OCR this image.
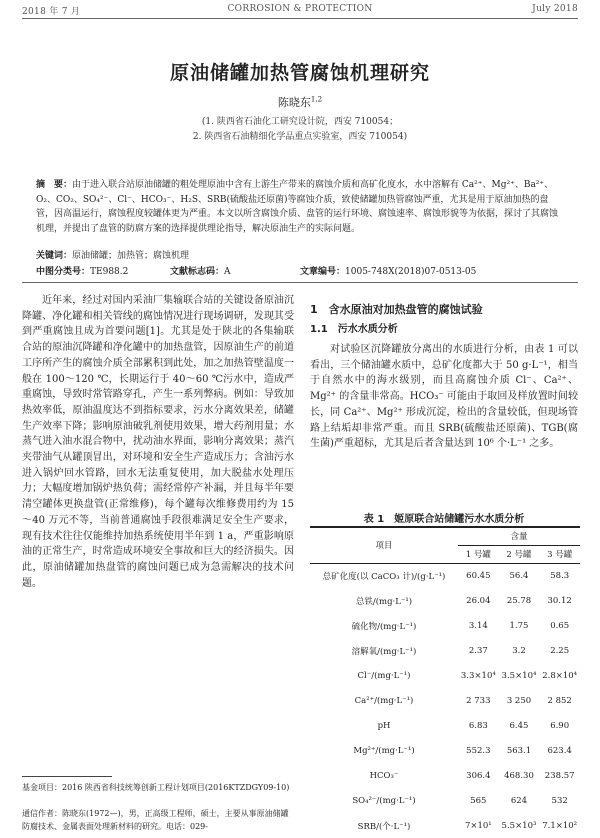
2018 年 7 月	CORROSION & PROTECTION	July 2018
原油储罐加热管腐蚀机理研究
陈晓东$^{1,2}$
(1. 陕西省石油化工研究设计院，西安 710054；
2. 陕西省石油精细化学品重点实验室，西安 710054)
摘　要：由于进入联合站原油储罐的粗处理原油中含有上游生产带来的腐蚀介质和高矿化度水，水中溶解有 Ca²⁺、Mg²⁺、Ba²⁺、O₂、CO₂、SO₄²⁻、Cl⁻、HCO₃⁻、H₂S、SRB(硫酸盐还原菌)等腐蚀介质，致使储罐加热管腐蚀严重，尤其是用于原油加热的盘管，因高温运行，腐蚀程度较罐体更为严重。本文以所含腐蚀介质、盘管的运行环境、腐蚀速率、腐蚀形貌等为依据，探讨了其腐蚀机理，并提出了盘管的防腐方案的选择提供理论指导，解决原油生产的实际问题。
关键词：原油储罐；加热管；腐蚀机理
中图分类号：TE988.2	文献标志码：A	文章编号：1005-748X(2018)07-0513-05
近年来，经过对国内采油厂集输联合站的关键设备原油沉降罐、净化罐和相关管线的腐蚀情况进行现场调研，发现其受到严重腐蚀且成为首要问题[1]。尤其是处于陕北的各集输联合站的原油沉降罐和净化罐中的加热盘管，因原油生产的前道工序所产生的腐蚀介质全部累积到此处，加之加热管壁温度一般在 100～120 ℃，长期运行于 40～60 ℃污水中，造成严重腐蚀，导致时常管路穿孔，产生一系列弊病。例如：导致加热效率低，原油温度达不到指标要求，污水分离效果差，储罐生产效率下降；影响原油破乳剂使用效果，增大药剂用量；水蒸气进入油水混合物中，扰动油水界面，影响分离效果；蒸汽夹带油气从罐顶冒出，对环境和安全生产造成压力；含油污水进入锅炉回水管路，回水无法重复使用，加大脱盐水处理压力；大幅度增加锅炉热负荷；需经常停产补漏，并且每半年要清空罐体更换盘管(正常维修)，每个罐每次维修费用约为 15～40 万元不等，当前普通腐蚀手段很难满足安全生产要求，现有技术往往仅能维持加热系统使用半年到 1 a，严重影响原油的正常生产，时常造成环境安全事故和巨大的经济损失。因此，原油储罐加热盘管的腐蚀问题已成为急需解决的技术问题。
基金项目：2016 陕西省科技统筹创新工程计划项目(2016KTZDGY09-10)
通信作者：陈晓东(1972—)，男，正高级工程师，硕士，主要从事原油储罐防腐技术、金属表面处理新材料的研究。电话：029-
1　含水原油对加热盘管的腐蚀试验
1.1　污水水质分析
对试验区沉降罐放分离出的水质进行分析，由表 1 可以看出，三个储油罐水质中，总矿化度都大于 50 g·L⁻¹，相当于自然水中的海水级别，而且高腐蚀介质 Cl⁻、Ca²⁺、Mg²⁺ 的含量非常高。HCO₃⁻ 可能由于取回及样放置时间较长，同 Ca²⁺、Mg²⁺ 形成沉淀，检出的含量较低，但现场管路上结垢却非常严重。而且 SRB(硫酸盐还原菌)、TGB(腐生菌)严重超标，尤其是后者含量达到 10⁶ 个·L⁻¹ 之多。
表 1　姬原联合站储罐污水水质分析
项目	含量		
	1 号罐	2 号罐	3 号罐
总矿化度(以 CaCO₃ 计)/(g·L⁻¹)	60.45	56.4	58.3
总铁/(mg·L⁻¹)	26.04	25.78	30.12
硫化物/(mg·L⁻¹)	3.14	1.75	0.65
溶解氧/(mg·L⁻¹)	2.37	3.2	2.25
Cl⁻/(mg·L⁻¹)	3.3×10⁴	3.5×10⁴	2.8×10⁴
Ca²⁺/(mg·L⁻¹)	2 733	3 250	2 852
pH	6.83	6.45	6.90
Mg²⁺/(mg·L⁻¹)	552.3	563.1	623.4
HCO₃⁻	306.4	468.30	238.57
SO₄²⁻/(mg·L⁻¹)	565	624	532
SRB/(个·L⁻¹)	7×10¹	5.5×10³	7.1×10²
